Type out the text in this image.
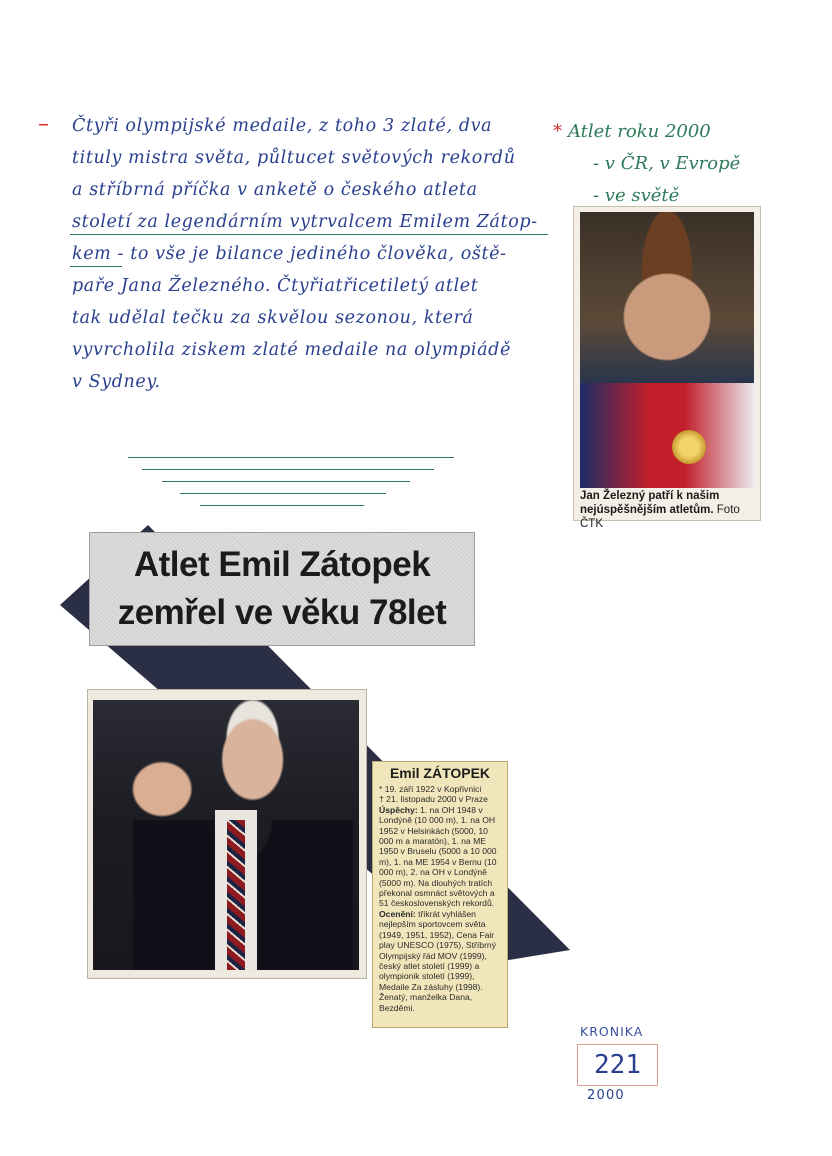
– Čtyři olympijské medaile, z toho 3 zlaté, dva
tituly mistra světa, půltucet světových rekordů
a stříbrná příčka v anketě o českého atleta
století za legendárním vytrvalcem Emilem Zátop-
kem - to vše je bilance jediného člověka, oště-
paře Jana Železného. Čtyřiatřicetiletý atlet
tak udělal tečku za skvělou sezonou, která
vyvrcholila ziskem zlaté medaile na olympiádě
v Sydney.
* Atlet roku 2000
- v ČR, v Evropě
- ve světě
Jan Železný patří k našim nejúspěšnějším atletům. Foto ČTK
Atlet Emil Zátopek
zemřel ve věku 78let
Emil ZÁTOPEK

* 19. září 1922 v Kopřivnici

† 21. listopadu 2000 v Praze

Úspěchy: 1. na OH 1948 v Londýně (10 000 m), 1. na OH 1952 v Helsinkách (5000, 10 000 m a maratón), 1. na ME 1950 v Bruselu (5000 a 10 000 m), 1. na ME 1954 v Bernu (10 000 m), 2. na OH v Londýně (5000 m). Na dlouhých tratích překonal osmnáct světových a 51 československých rekordů.

Ocenění: třikrát vyhlášen nejlepším sportovcem světa (1949, 1951, 1952), Cena Fair play UNESCO (1975), Stříbrný Olympijský řád MOV (1999), český atlet století (1999) a olympionik století (1999), Medaile Za zásluhy (1998).

Ženatý, manželka Dana, Bezděmi.

KRONIKA
221
2000
